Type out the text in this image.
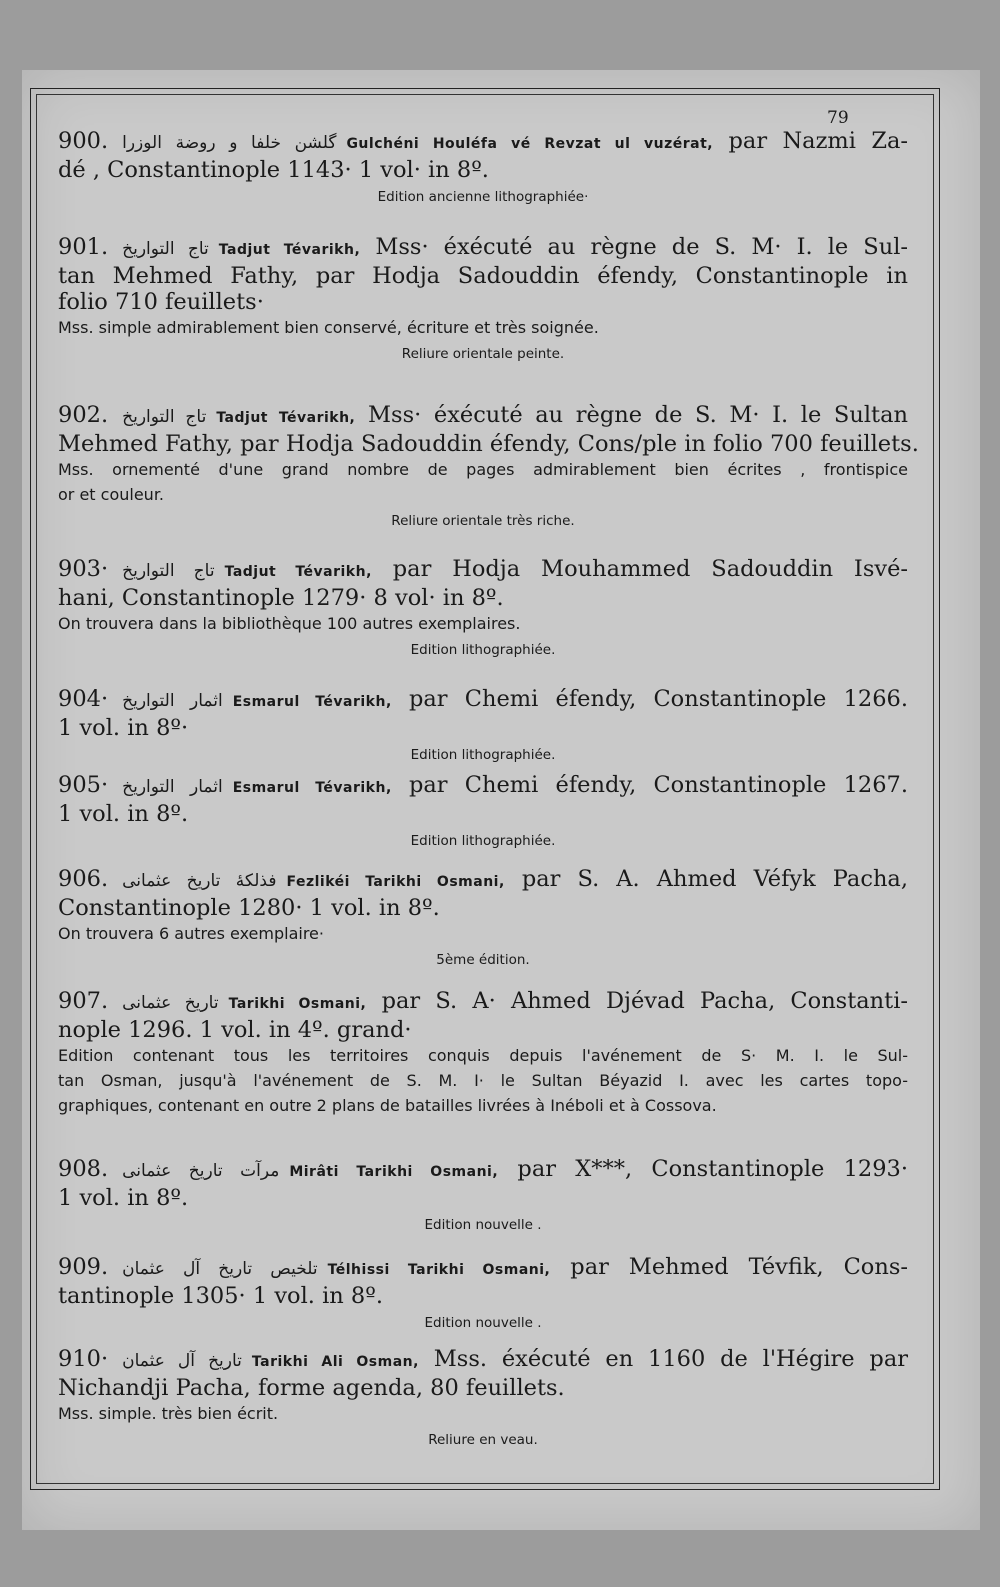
79
900. گلشن خلفا و روضة الوزرا Gulchéni Houléfa vé Revzat ul vuzérat, par Nazmi Za-
dé , Constantinople 1143· 1 vol· in 8º.
Edition ancienne lithographiée·
901. تاج التواريخ Tadjut Tévarikh, Mss· éxécuté au règne de S. M· I. le Sul-
tan Mehmed Fathy, par Hodja Sadouddin éfendy, Constantinople in
folio 710 feuillets·
Mss. simple admirablement bien conservé, écriture et très soignée.
Reliure orientale peinte.
902. تاج التواريخ Tadjut Tévarikh, Mss· éxécuté au règne de S. M· I. le Sultan
Mehmed Fathy, par Hodja Sadouddin éfendy, Cons/ple in folio 700 feuillets.
Mss. ornementé d'une grand nombre de pages admirablement bien écrites , frontispice
or et couleur.
Reliure orientale très riche.
903· تاج التواريخ Tadjut Tévarikh, par Hodja Mouhammed Sadouddin Isvé-
hani, Constantinople 1279· 8 vol· in 8º.
On trouvera dans la bibliothèque 100 autres exemplaires.
Edition lithographiée.
904· اثمار التواريخ Esmarul Tévarikh, par Chemi éfendy, Constantinople 1266.
1 vol. in 8º·
Edition lithographiée.
905· اثمار التواريخ Esmarul Tévarikh, par Chemi éfendy, Constantinople 1267.
1 vol. in 8º.
Edition lithographiée.
906. فذلكۀ تاريخ عثمانى Fezlikéi Tarikhi Osmani, par S. A. Ahmed Véfyk Pacha,
Constantinople 1280· 1 vol. in 8º.
On trouvera 6 autres exemplaire·
5ème édition.
907. تاريخ عثمانى Tarikhi Osmani, par S. A· Ahmed Djévad Pacha, Constanti-
nople 1296. 1 vol. in 4º. grand·
Edition contenant tous les territoires conquis depuis l'avénement de S· M. I. le Sul-
tan Osman, jusqu'à l'avénement de S. M. I· le Sultan Béyazid I. avec les cartes topo-
graphiques, contenant en outre 2 plans de batailles livrées à Inéboli et à Cossova.
908. مرآت تاريخ عثمانى Mirâti Tarikhi Osmani, par X***, Constantinople 1293·
1 vol. in 8º.
Edition nouvelle .
909. تلخيص تاريخ آل عثمان Télhissi Tarikhi Osmani, par Mehmed Tévfik, Cons-
tantinople 1305· 1 vol. in 8º.
Edition nouvelle .
910· تاريخ آل عثمان Tarikhi Ali Osman, Mss. éxécuté en 1160 de l'Hégire par
Nichandji Pacha, forme agenda, 80 feuillets.
Mss. simple. très bien écrit.
Reliure en veau.
